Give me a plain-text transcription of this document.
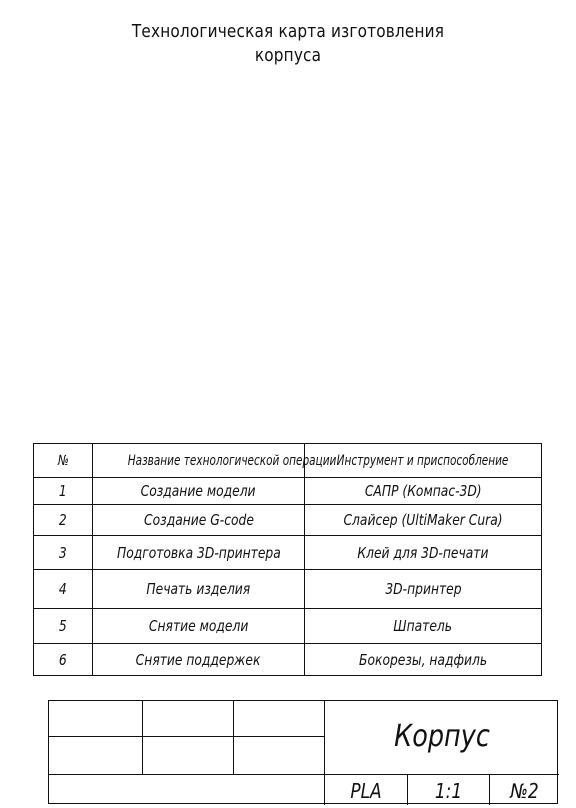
Технологическая карта изготовления
корпуса
№	Название технологической операции	Инструмент и приспособление
1	Создание модели	САПР (Компас-3D)
2	Создание G-code	Слайсер (UltiMaker Cura)
3	Подготовка 3D-принтера	Клей для 3D-печати
4	Печать изделия	3D-принтер
5	Снятие модели	Шпатель
6	Снятие поддержек	Бокорезы, надфиль
Корпус
PLA	1:1	№2
